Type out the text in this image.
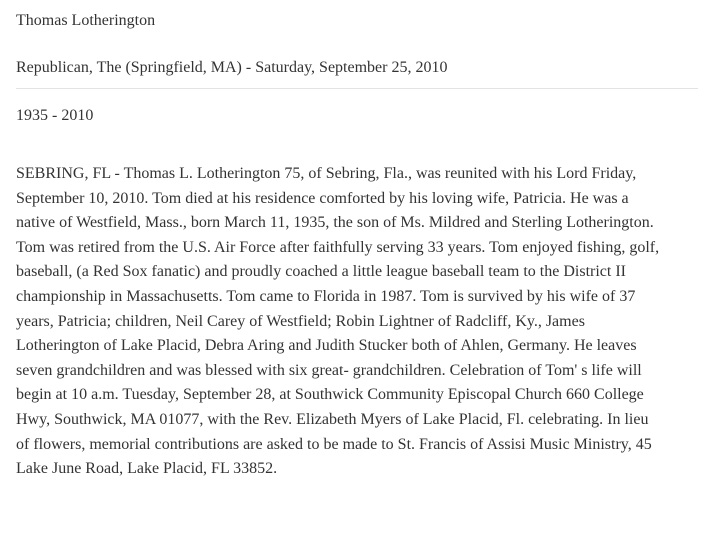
Thomas Lotherington
Republican, The (Springfield, MA) - Saturday, September 25, 2010
1935 - 2010
SEBRING, FL - Thomas L. Lotherington 75, of Sebring, Fla., was reunited with his Lord Friday,
September 10, 2010. Tom died at his residence comforted by his loving wife, Patricia. He was a
native of Westfield, Mass., born March 11, 1935, the son of Ms. Mildred and Sterling Lotherington.
Tom was retired from the U.S. Air Force after faithfully serving 33 years. Tom enjoyed fishing, golf,
baseball, (a Red Sox fanatic) and proudly coached a little league baseball team to the District II
championship in Massachusetts. Tom came to Florida in 1987. Tom is survived by his wife of 37
years, Patricia; children, Neil Carey of Westfield; Robin Lightner of Radcliff, Ky., James
Lotherington of Lake Placid, Debra Aring and Judith Stucker both of Ahlen, Germany. He leaves
seven grandchildren and was blessed with six great- grandchildren. Celebration of Tom' s life will
begin at 10 a.m. Tuesday, September 28, at Southwick Community Episcopal Church 660 College
Hwy, Southwick, MA 01077, with the Rev. Elizabeth Myers of Lake Placid, Fl. celebrating. In lieu
of flowers, memorial contributions are asked to be made to St. Francis of Assisi Music Ministry, 45
Lake June Road, Lake Placid, FL 33852.
